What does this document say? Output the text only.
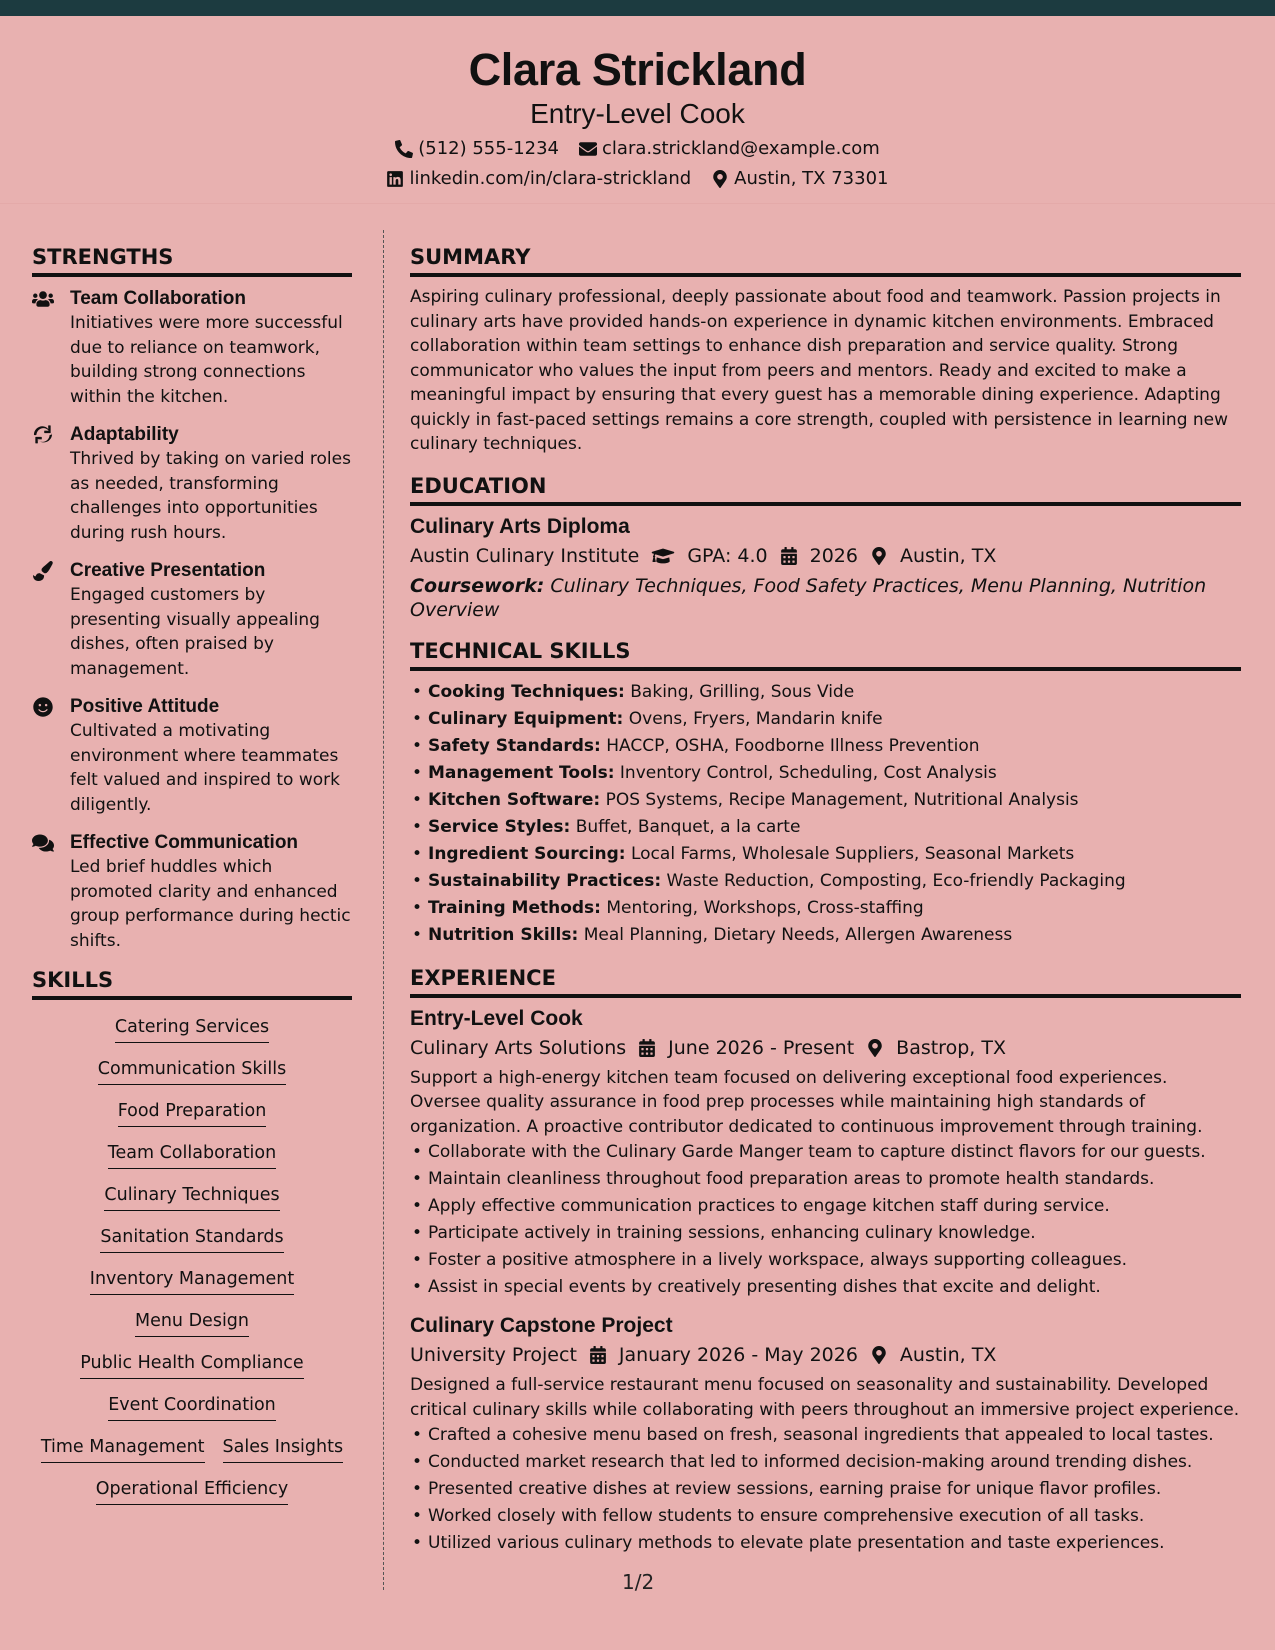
Clara Strickland
Entry-Level Cook
(512) 555-1234 clara.strickland@example.com
linkedin.com/in/clara-strickland Austin, TX 73301
STRENGTHS
Team Collaboration
Initiatives were more successful due to reliance on teamwork, building strong connections within the kitchen.
Adaptability
Thrived by taking on varied roles as needed, transforming challenges into opportunities during rush hours.
Creative Presentation
Engaged customers by presenting visually appealing dishes, often praised by management.
Positive Attitude
Cultivated a motivating environment where teammates felt valued and inspired to work diligently.
Effective Communication
Led brief huddles which promoted clarity and enhanced group performance during hectic shifts.
SKILLS
Catering Services
Communication Skills
Food Preparation
Team Collaboration
Culinary Techniques
Sanitation Standards
Inventory Management
Menu Design
Public Health Compliance
Event Coordination
Time Management Sales Insights
Operational Efficiency
SUMMARY

Aspiring culinary professional, deeply passionate about food and teamwork. Passion projects in culinary arts have provided hands-on experience in dynamic kitchen environments. Embraced collaboration within team settings to enhance dish preparation and service quality. Strong communicator who values the input from peers and mentors. Ready and excited to make a meaningful impact by ensuring that every guest has a memorable dining experience. Adapting quickly in fast-paced settings remains a core strength, coupled with persistence in learning new culinary techniques.

EDUCATION
Culinary Arts Diploma
Austin Culinary Institute	GPA: 4.0 2026 Austin, TX
Coursework: Culinary Techniques, Food Safety Practices, Menu Planning, Nutrition Overview
TECHNICAL SKILLS
• Cooking Techniques: Baking, Grilling, Sous Vide
• Culinary Equipment: Ovens, Fryers, Mandarin knife
• Safety Standards: HACCP, OSHA, Foodborne Illness Prevention
• Management Tools: Inventory Control, Scheduling, Cost Analysis
• Kitchen Software: POS Systems, Recipe Management, Nutritional Analysis
• Service Styles: Buffet, Banquet, a la carte
• Ingredient Sourcing: Local Farms, Wholesale Suppliers, Seasonal Markets
• Sustainability Practices: Waste Reduction, Composting, Eco-friendly Packaging
• Training Methods: Mentoring, Workshops, Cross-staffing
• Nutrition Skills: Meal Planning, Dietary Needs, Allergen Awareness
EXPERIENCE
Entry-Level Cook
Culinary Arts Solutions June 2026 - Present Bastrop, TX

Support a high-energy kitchen team focused on delivering exceptional food experiences. Oversee quality assurance in food prep processes while maintaining high standards of organization. A proactive contributor dedicated to continuous improvement through training.

• Collaborate with the Culinary Garde Manger team to capture distinct flavors for our guests.
• Maintain cleanliness throughout food preparation areas to promote health standards.
• Apply effective communication practices to engage kitchen staff during service.
• Participate actively in training sessions, enhancing culinary knowledge.
• Foster a positive atmosphere in a lively workspace, always supporting colleagues.
• Assist in special events by creatively presenting dishes that excite and delight.
Culinary Capstone Project
University Project January 2026 - May 2026 Austin, TX

Designed a full-service restaurant menu focused on seasonality and sustainability. Developed critical culinary skills while collaborating with peers throughout an immersive project experience.

• Crafted a cohesive menu based on fresh, seasonal ingredients that appealed to local tastes.
• Conducted market research that led to informed decision-making around trending dishes.
• Presented creative dishes at review sessions, earning praise for unique flavor profiles.
• Worked closely with fellow students to ensure comprehensive execution of all tasks.
• Utilized various culinary methods to elevate plate presentation and taste experiences.
1/2
